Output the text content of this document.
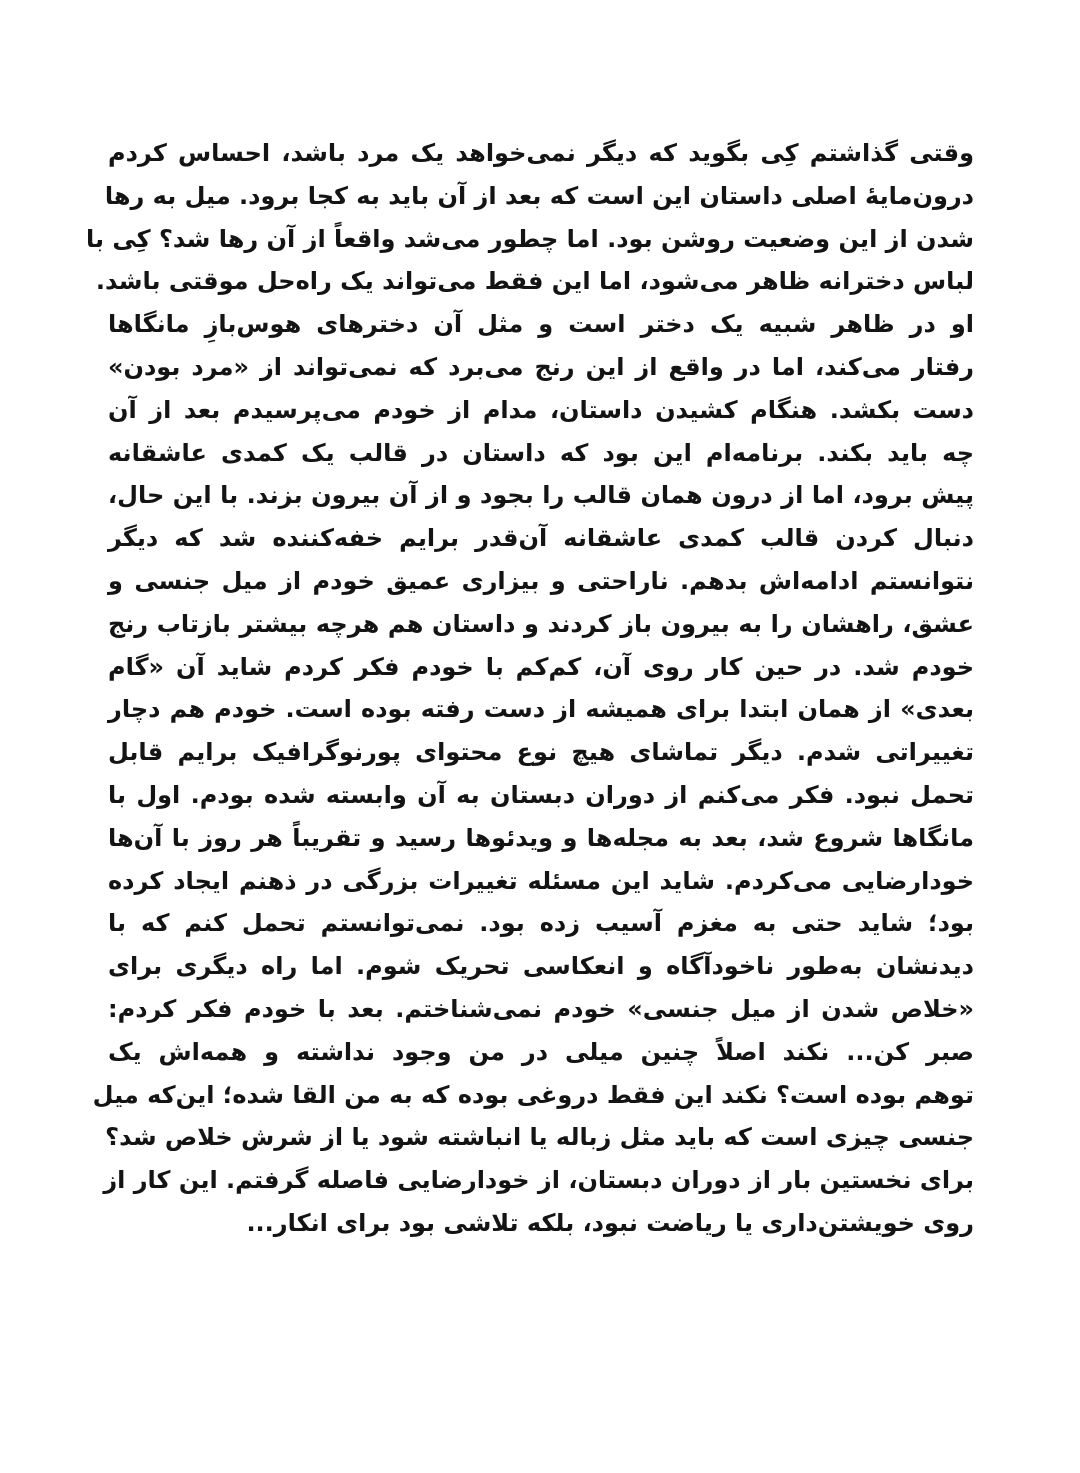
وقتی گذاشتم کِی بگوید که دیگر نمی‌خواهد یک مرد باشد، احساس کردم
درون‌مایۀ اصلی داستان این است که بعد از آن باید به کجا برود. میل به رها
شدن از این وضعیت روشن بود. اما چطور می‌شد واقعاً از آن رها شد؟ کِی با
لباس دخترانه ظاهر می‌شود، اما این فقط می‌تواند یک راه‌حل موقتی باشد.
او در ظاهر شبیه یک دختر است و مثل آن دخترهای هوس‌بازِ مانگاها
رفتار می‌کند، اما در واقع از این رنج می‌برد که نمی‌تواند از «مرد بودن»
دست بکشد. هنگام کشیدن داستان، مدام از خودم می‌پرسیدم بعد از آن
چه باید بکند. برنامه‌ام این بود که داستان در قالب یک کمدی عاشقانه
پیش برود، اما از درون همان قالب را بجود و از آن بیرون بزند. با این حال،
دنبال کردن قالب کمدی عاشقانه آن‌قدر برایم خفه‌کننده شد که دیگر
نتوانستم ادامه‌اش بدهم. ناراحتی و بیزاری عمیق خودم از میل جنسی و
عشق، راهشان را به بیرون باز کردند و داستان هم هرچه بیشتر بازتاب رنج
خودم شد. در حین کار روی آن، کم‌کم با خودم فکر کردم شاید آن «گام
بعدی» از همان ابتدا برای همیشه از دست رفته بوده است. خودم هم دچار
تغییراتی شدم. دیگر تماشای هیچ نوع محتوای پورنوگرافیک برایم قابل
تحمل نبود. فکر می‌کنم از دوران دبستان به آن وابسته شده بودم. اول با
مانگاها شروع شد، بعد به مجله‌ها و ویدئوها رسید و تقریباً هر روز با آن‌ها
خودارضایی می‌کردم. شاید این مسئله تغییرات بزرگی در ذهنم ایجاد کرده
بود؛ شاید حتی به مغزم آسیب زده بود. نمی‌توانستم تحمل کنم که با
دیدنشان به‌طور ناخودآگاه و انعکاسی تحریک شوم. اما راه دیگری برای
«خلاص شدن از میل جنسی» خودم نمی‌شناختم. بعد با خودم فکر کردم:
صبر کن... نکند اصلاً چنین میلی در من وجود نداشته و همه‌اش یک
توهم بوده است؟ نکند این فقط دروغی بوده که به من القا شده؛ این‌که میل
جنسی چیزی است که باید مثل زباله یا انباشته شود یا از شرش خلاص شد؟
برای نخستین بار از دوران دبستان، از خودارضایی فاصله گرفتم. این کار از
روی خویشتن‌داری یا ریاضت نبود، بلکه تلاشی بود برای انکار...
